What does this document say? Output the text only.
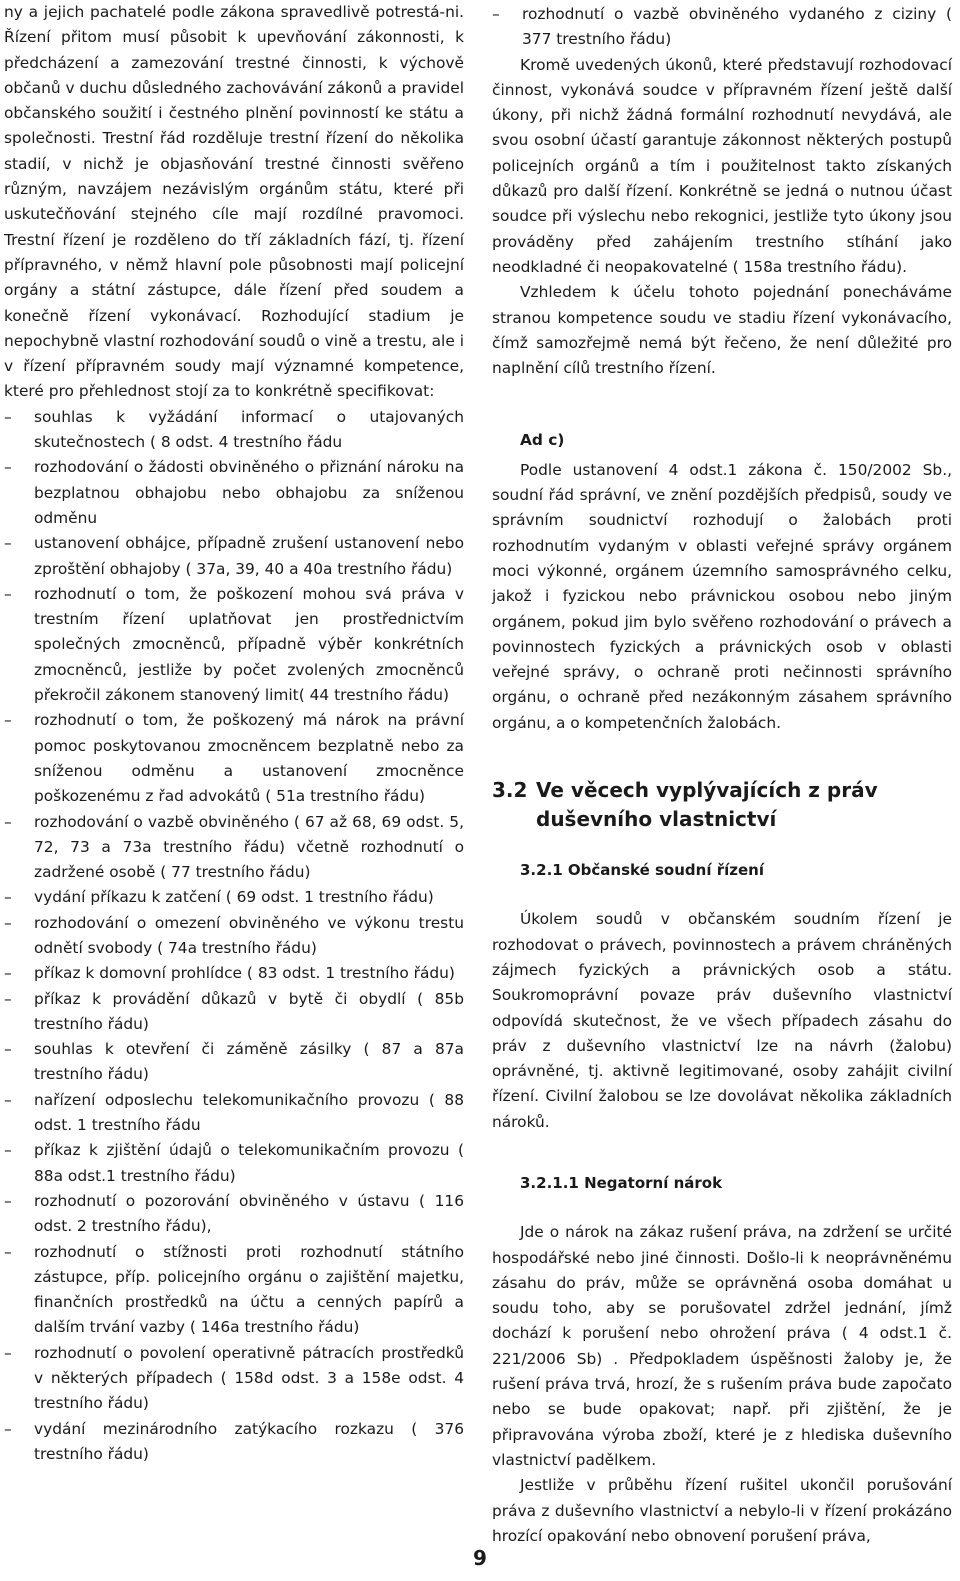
ny a jejich pachatelé podle zákona spravedlivě potrestá-ni. Řízení přitom musí působit k upevňování zákonnosti, k předcházení a zamezování trestné činnosti, k výchově občanů v duchu důsledného zachovávání zákonů a pravidel občanského soužití i čestného plnění povinností ke státu a společnosti. Trestní řád rozděluje trestní řízení do několika stadií, v nichž je objasňování trestné činnosti svěřeno různým, navzájem nezávislým orgánům státu, které při uskutečňování stejného cíle mají rozdílné pravomoci. Trestní řízení je rozděleno do tří základních fází, tj. řízení přípravného, v němž hlavní pole působnosti mají policejní orgány a státní zástupce, dále řízení před soudem a konečně řízení vykonávací. Rozhodující stadium je nepochybně vlastní rozhodování soudů o vině a trestu, ale i v řízení přípravném soudy mají významné kompetence, které pro přehlednost stojí za to konkrétně specifikovat:

– souhlas k vyžádání informací o utajovaných skutečnostech ( 8 odst. 4 trestního řádu
– rozhodování o žádosti obviněného o přiznání nároku na bezplatnou obhajobu nebo obhajobu za sníženou odměnu
– ustanovení obhájce, případně zrušení ustanovení nebo zproštění obhajoby ( 37a, 39, 40 a 40a trestního řádu)
– rozhodnutí o tom, že poškození mohou svá práva v trestním řízení uplatňovat jen prostřednictvím společných zmocněnců, případně výběr konkrétních zmocněnců, jestliže by počet zvolených zmocněnců překročil zákonem stanovený limit( 44 trestního řádu)
– rozhodnutí o tom, že poškozený má nárok na právní pomoc poskytovanou zmocněncem bezplatně nebo za sníženou odměnu a ustanovení zmocněnce poškozenému z řad advokátů ( 51a trestního řádu)
– rozhodování o vazbě obviněného ( 67 až 68, 69 odst. 5, 72, 73 a 73a trestního řádu) včetně rozhodnutí o zadržené osobě ( 77 trestního řádu)
– vydání příkazu k zatčení ( 69 odst. 1 trestního řádu)
– rozhodování o omezení obviněného ve výkonu trestu odnětí svobody ( 74a trestního řádu)
– příkaz k domovní prohlídce ( 83 odst. 1 trestního řádu)
– příkaz k provádění důkazů v bytě či obydlí ( 85b trestního řádu)
– souhlas k otevření či záměně zásilky ( 87 a 87a trestního řádu)
– nařízení odposlechu telekomunikačního provozu ( 88 odst. 1 trestního řádu
– příkaz k zjištění údajů o telekomunikačním provozu ( 88a odst.1 trestního řádu)
– rozhodnutí o pozorování obviněného v ústavu ( 116 odst. 2 trestního řádu),
– rozhodnutí o stížnosti proti rozhodnutí státního zástupce, příp. policejního orgánu o zajištění majetku, finančních prostředků na účtu a cenných papírů a dalším trvání vazby ( 146a trestního řádu)
– rozhodnutí o povolení operativně pátracích prostředků v některých případech ( 158d odst. 3 a 158e odst. 4 trestního řádu)
– vydání mezinárodního zatýkacího rozkazu ( 376 trestního řádu)
– rozhodnutí o vazbě obviněného vydaného z ciziny ( 377 trestního řádu)

Kromě uvedených úkonů, které představují rozhodovací činnost, vykonává soudce v přípravném řízení ještě další úkony, při nichž žádná formální rozhodnutí nevydává, ale svou osobní účastí garantuje zákonnost některých postupů policejních orgánů a tím i použitelnost takto získaných důkazů pro další řízení. Konkrétně se jedná o nutnou účast soudce při výslechu nebo rekognici, jestliže tyto úkony jsou prováděny před zahájením trestního stíhání jako neodkladné či neopakovatelné ( 158a trestního řádu).

Vzhledem k účelu tohoto pojednání ponecháváme stranou kompetence soudu ve stadiu řízení vykonávacího, čímž samozřejmě nemá být řečeno, že není důležité pro naplnění cílů trestního řízení.

Ad c)

Podle ustanovení 4 odst.1 zákona č. 150/2002 Sb., soudní řád správní, ve znění pozdějších předpisů, soudy ve správním soudnictví rozhodují o žalobách proti rozhodnutím vydaným v oblasti veřejné správy orgánem moci výkonné, orgánem územního samosprávného celku, jakož i fyzickou nebo právnickou osobou nebo jiným orgánem, pokud jim bylo svěřeno rozhodování o právech a povinnostech fyzických a právnických osob v oblasti veřejné správy, o ochraně proti nečinnosti správního orgánu, o ochraně před nezákonným zásahem správního orgánu, a o kompetenčních žalobách.

3.2 Ve věcech vyplývajících z práv duševního vlastnictví
3.2.1 Občanské soudní řízení

Úkolem soudů v občanském soudním řízení je rozhodovat o právech, povinnostech a právem chráněných zájmech fyzických a právnických osob a státu. Soukromoprávní povaze práv duševního vlastnictví odpovídá skutečnost, že ve všech případech zásahu do práv z duševního vlastnictví lze na návrh (žalobu) oprávněné, tj. aktivně legitimované, osoby zahájit civilní řízení. Civilní žalobou se lze dovolávat několika základních nároků.

3.2.1.1 Negatorní nárok

Jde o nárok na zákaz rušení práva, na zdržení se určité hospodářské nebo jiné činnosti. Došlo-li k neoprávněnému zásahu do práv, může se oprávněná osoba domáhat u soudu toho, aby se porušovatel zdržel jednání, jímž dochází k porušení nebo ohrožení práva ( 4 odst.1 č. 221/2006 Sb) . Předpokladem úspěšnosti žaloby je, že rušení práva trvá, hrozí, že s rušením práva bude započato nebo se bude opakovat; např. při zjištění, že je připravována výroba zboží, které je z hlediska duševního vlastnictví padělkem.

Jestliže v průběhu řízení rušitel ukončil porušování práva z duševního vlastnictví a nebylo-li v řízení prokázáno hrozící opakování nebo obnovení porušení práva,

9
